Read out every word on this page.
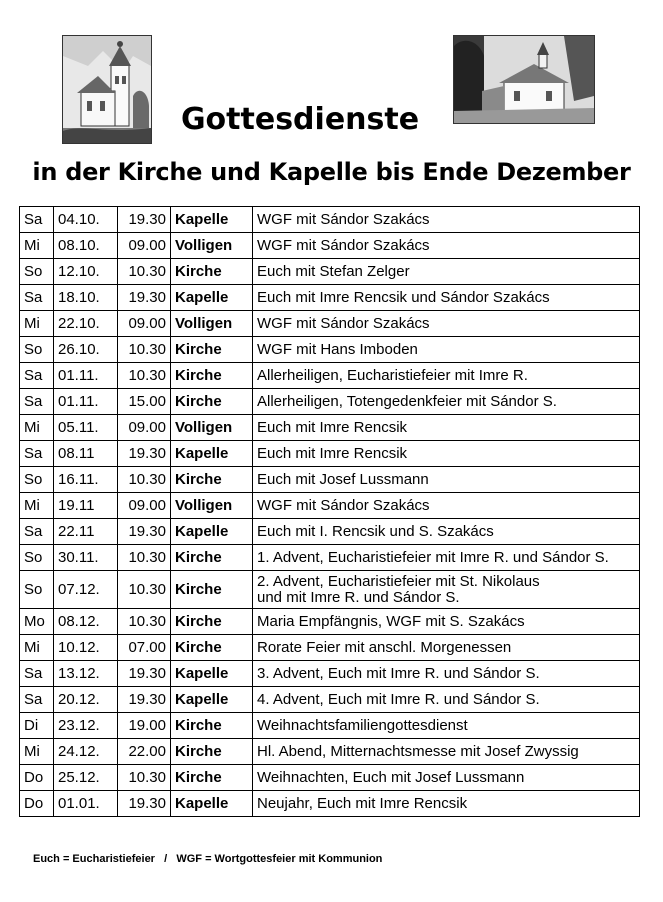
Gottesdienste
in der Kirche und Kapelle bis Ende Dezember
Sa	04.10.	19.30	Kapelle	WGF mit Sándor Szakács
Mi	08.10.	09.00	Volligen	WGF mit Sándor Szakács
So	12.10.	10.30	Kirche	Euch mit Stefan Zelger
Sa	18.10.	19.30	Kapelle	Euch mit Imre Rencsik und Sándor Szakács
Mi	22.10.	09.00	Volligen	WGF mit Sándor Szakács
So	26.10.	10.30	Kirche	WGF mit Hans Imboden
Sa	01.11.	10.30	Kirche	Allerheiligen, Eucharistiefeier mit Imre R.
Sa	01.11.	15.00	Kirche	Allerheiligen, Totengedenkfeier mit Sándor S.
Mi	05.11.	09.00	Volligen	Euch mit Imre Rencsik
Sa	08.11	19.30	Kapelle	Euch mit Imre Rencsik
So	16.11.	10.30	Kirche	Euch mit Josef Lussmann
Mi	19.11	09.00	Volligen	WGF mit Sándor Szakács
Sa	22.11	19.30	Kapelle	Euch mit I. Rencsik und S. Szakács
So	30.11.	10.30	Kirche	1. Advent, Eucharistiefeier mit Imre R. und Sándor S.
So	07.12.	10.30	Kirche	2. Advent, Eucharistiefeier mit St. Nikolaus
und mit Imre R. und Sándor S.

Mo	08.12.	10.30	Kirche	Maria Empfängnis, WGF mit S. Szakács
Mi	10.12.	07.00	Kirche	Rorate Feier mit anschl. Morgenessen
Sa	13.12.	19.30	Kapelle	3. Advent, Euch mit Imre R. und Sándor S.
Sa	20.12.	19.30	Kapelle	4. Advent, Euch mit Imre R. und Sándor S.
Di	23.12.	19.00	Kirche	Weihnachtsfamiliengottesdienst
Mi	24.12.	22.00	Kirche	Hl. Abend, Mitternachtsmesse mit Josef Zwyssig
Do	25.12.	10.30	Kirche	Weihnachten, Euch mit Josef Lussmann
Do	01.01.	19.30	Kapelle	Neujahr, Euch mit Imre Rencsik
Euch = Eucharistiefeier   /   WGF = Wortgottesfeier mit Kommunion
